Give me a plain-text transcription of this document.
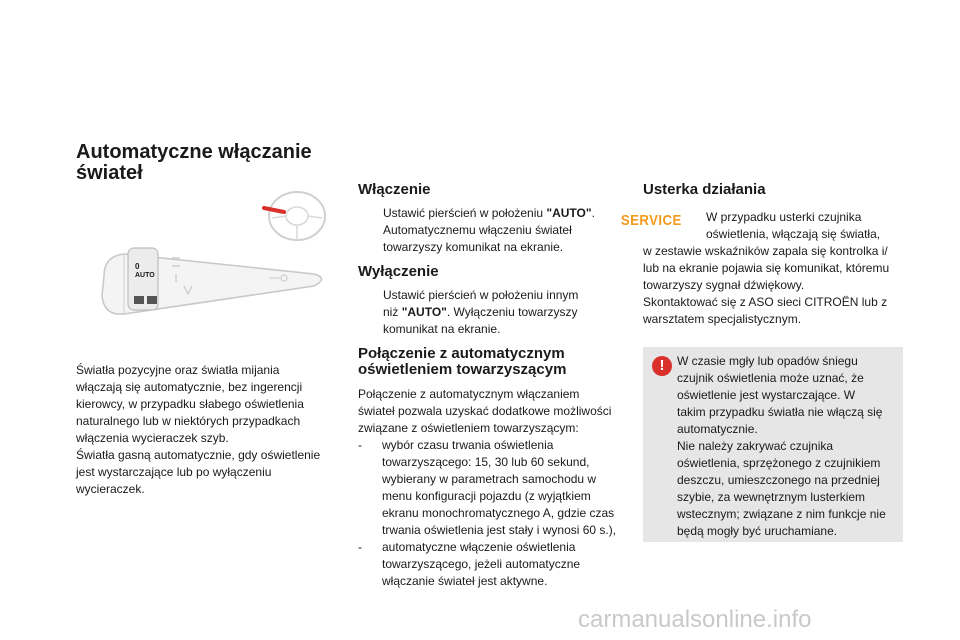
Automatyczne włączanie
świateł
0
AUTO
Światła pozycyjne oraz światła mijania
włączają się automatycznie, bez ingerencji
kierowcy, w przypadku słabego oświetlenia
naturalnego lub w niektórych przypadkach
włączenia wycieraczek szyb.
Światła gasną automatycznie, gdy oświetlenie
jest wystarczające lub po wyłączeniu
wycieraczek.
Włączenie
Ustawić pierścień w położeniu "AUTO".
Automatycznemu włączeniu świateł
towarzyszy komunikat na ekranie.
Wyłączenie
Ustawić pierścień w położeniu innym
niż "AUTO". Wyłączeniu towarzyszy
komunikat na ekranie.
Połączenie z automatycznym
oświetleniem towarzyszącym
Połączenie z automatycznym włączaniem
świateł pozwala uzyskać dodatkowe możliwości
związane z oświetleniem towarzyszącym:
- wybór czasu trwania oświetlenia
towarzyszącego: 15, 30 lub 60 sekund,
wybierany w parametrach samochodu w
menu konfiguracji pojazdu (z wyjątkiem
ekranu monochromatycznego A, gdzie czas
trwania oświetlenia jest stały i wynosi 60 s.),
- automatyczne włączenie oświetlenia
towarzyszącego, jeżeli automatyczne
włączanie świateł jest aktywne.
Usterka działania
SERVICE	W przypadku usterki czujnika
oświetlenia, włączają się światła,
w zestawie wskaźników zapala się kontrolka i/
lub na ekranie pojawia się komunikat, któremu
towarzyszy sygnał dźwiękowy.
Skontaktować się z ASO sieci CITROËN lub z
warsztatem specjalistycznym.
!	W czasie mgły lub opadów śniegu
czujnik oświetlenia może uznać, że
oświetlenie jest wystarczające. W
takim przypadku światła nie włączą się
automatycznie.
Nie należy zakrywać czujnika
oświetlenia, sprzężonego z czujnikiem
deszczu, umieszczonego na przedniej
szybie, za wewnętrznym lusterkiem
wstecznym; związane z nim funkcje nie
będą mogły być uruchamiane.
carmanualsonline.info
